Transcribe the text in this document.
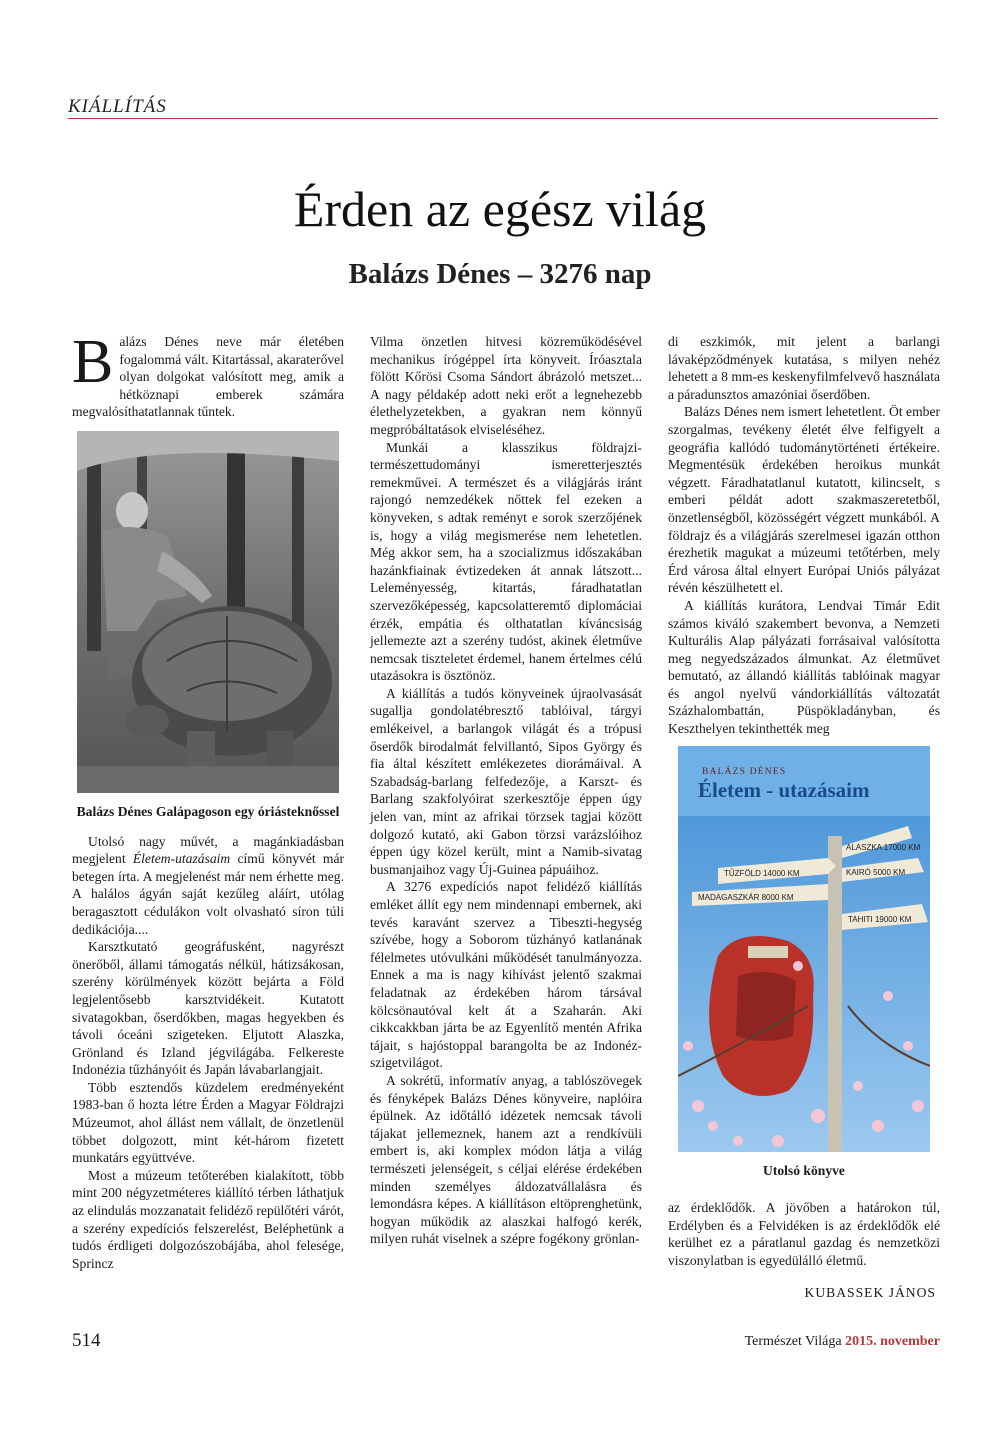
KIÁLLÍTÁS
Érden az egész világ
Balázs Dénes – 3276 nap

Balázs Dénes neve már életében fogalommá vált. Kitartással, akaraterővel olyan dolgokat valósított meg, amik a hétköznapi emberek számára megvalósíthatatlannak tűntek.

Balázs Dénes Galápagoson egy óriásteknőssel

Utolsó nagy művét, a magánkiadásban megjelent Életem-utazásaim című könyvét már betegen írta. A megjelenést már nem érhette meg. A halálos ágyán saját kezűleg aláírt, utólag beragasztott cédulákon volt olvasható síron túli dedikációja....

Karsztkutató geográfusként, nagyrészt önerőből, állami támogatás nélkül, hátizsákosan, szerény körülmények között bejárta a Föld legjelentősebb karsztvidékeit. Kutatott sivatagokban, őserdőkben, magas hegyekben és távoli óceáni szigeteken. Eljutott Alaszka, Grönland és Izland jégvilágába. Felkereste Indonézia tűzhányóit és Japán lávabarlangjait.

Több esztendős küzdelem eredményeként 1983-ban ő hozta létre Érden a Magyar Földrajzi Múzeumot, ahol állást nem vállalt, de önzetlenül többet dolgozott, mint két-három fizetett munkatárs együttvéve.

Most a múzeum tetőterében kialakított, több mint 200 négyzetméteres kiállító térben láthatjuk az elindulás mozzanatait felidéző repülőtéri várót, a szerény expedíciós felszerelést, Beléphetünk a tudós érdligeti dolgozószobájába, ahol felesége, Sprincz

Vilma önzetlen hitvesi közreműködésével mechanikus írógéppel írta könyveit. Íróasztala fölött Kőrösi Csoma Sándort ábrázoló metszet... A nagy példakép adott neki erőt a legnehezebb élethelyzetekben, a gyakran nem könnyű megpróbáltatások elviseléséhez.

Munkái a klasszikus földrajzi-természettudományi ismeretterjesztés remekművei. A természet és a világjárás iránt rajongó nemzedékek nőttek fel ezeken a könyveken, s adtak reményt e sorok szerzőjének is, hogy a világ megismerése nem lehetetlen. Még akkor sem, ha a szocializmus időszakában hazánkfiainak évtizedeken át annak látszott... Leleményesség, kitartás, fáradhatatlan szervezőképesség, kapcsolatteremtő diplomáciai érzék, empátia és olthatatlan kíváncsiság jellemezte azt a szerény tudóst, akinek életműve nemcsak tiszteletet érdemel, hanem értelmes célú utazásokra is ösztönöz.

A kiállítás a tudós könyveinek újraolvasását sugallja gondolatébresztő tablóival, tárgyi emlékeivel, a barlangok világát és a trópusi őserdők birodalmát felvillantó, Sipos György és fia által készített emlékezetes diorámáival. A Szabadság-barlang felfedezője, a Karszt- és Barlang szakfolyóirat szerkesztője éppen úgy jelen van, mint az afrikai törzsek tagjai között dolgozó kutató, aki Gabon törzsi varázslóihoz éppen úgy közel került, mint a Namib-sivatag busmanjaihoz vagy Új-Guinea pápuáihoz.

A 3276 expedíciós napot felidéző kiállítás emléket állít egy nem mindennapi embernek, aki tevés karavánt szervez a Tibeszti-hegység szívébe, hogy a Soborom tűzhányó katlanának félelmetes utóvulkáni működését tanulmányozza. Ennek a ma is nagy kihívást jelentő szakmai feladatnak az érdekében három társával kölcsönautóval kelt át a Szaharán. Aki cikkcakkban járta be az Egyenlítő mentén Afrika tájait, s hajóstoppal barangolta be az Indonéz-szigetvilágot.

A sokrétű, informatív anyag, a tablószövegek és fényképek Balázs Dénes könyveire, naplóira épülnek. Az időtálló idézetek nemcsak távoli tájakat jellemeznek, hanem azt a rendkívüli embert is, aki komplex módon látja a világ természeti jelenségeit, s céljai elérése érdekében minden személyes áldozatvállalásra és lemondásra képes. A kiállításon eltöprenghetünk, hogyan működik az alaszkai halfogó kerék, milyen ruhát viselnek a szépre fogékony grönlan-

di eszkimók, mit jelent a barlangi lávaképződmények kutatása, s milyen nehéz lehetett a 8 mm-es keskenyfilmfelvevő használata a páradunsztos amazóniai őserdőben.

Balázs Dénes nem ismert lehetetlent. Öt ember szorgalmas, tevékeny életét élve felfigyelt a geográfia kallódó tudománytörténeti értékeire. Megmentésük érdekében heroikus munkát végzett. Fáradhatatlanul kutatott, kilincselt, s emberi példát adott szakmaszeretetből, önzetlenségből, közösségért végzett munkából. A földrajz és a világjárás szerelmesei igazán otthon érezhetik magukat a múzeumi tetőtérben, mely Érd városa által elnyert Európai Uniós pályázat révén készülhetett el.

A kiállítás kurátora, Lendvai Timár Edit számos kiváló szakembert bevonva, a Nemzeti Kulturális Alap pályázati forrásaival valósította meg negyedszázados álmunkat. Az életművet bemutató, az állandó kiállítás tablóinak magyar és angol nyelvű vándorkiállítás változatát Százhalombattán, Püspökladányban, és Keszthelyen tekinthették meg

TŰZFÖLD 14000 KM
MADAGASZKÁR 8000 KM
KAIRÓ 5000 KM
TAHITI 19000 KM
ALASZKA 17000 KM
BALÁZS DÉNES
Életem - utazásaim
Utolsó könyve

az érdeklődők. A jövőben a határokon túl, Erdélyben és a Felvidéken is az érdeklődők elé kerülhet ez a páratlanul gazdag és nemzetközi viszonylatban is egyedülálló életmű.

KUBASSEK JÁNOS
514	Természet Világa 2015. november
